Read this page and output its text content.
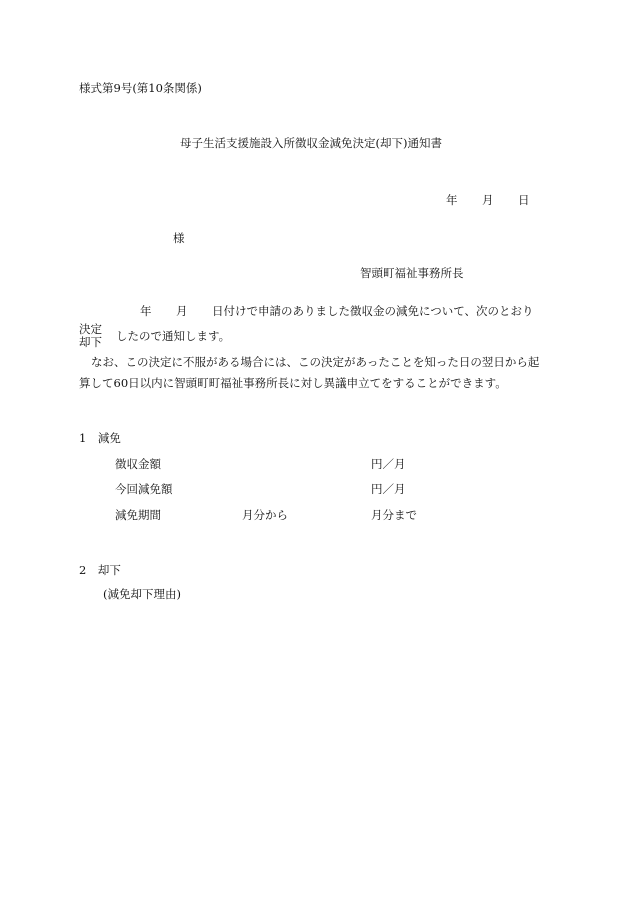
様式第9号(第10条関係)
母子生活支援施設入所徴収金減免決定(却下)通知書
年 月 日
様
智頭町福祉事務所長
年 月 日付けで申請のありました徴収金の減免について、次のとおり
決定
却下 したので通知します。
なお、この決定に不服がある場合には、この決定があったことを知った日の翌日から起
算して60日以内に智頭町町福祉事務所長に対し異議申立てをすることができます。
1　減免
徴収金額	円／月
今回減免額	円／月
減免期間	月分から	月分まで
2　却下
(減免却下理由)
